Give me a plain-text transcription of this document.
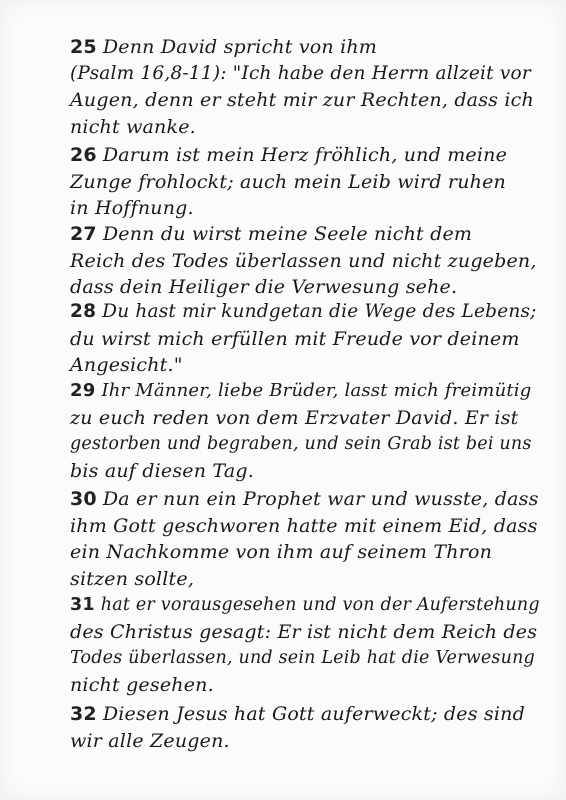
25 Denn David spricht von ihm
(Psalm 16,8-11): "Ich habe den Herrn allzeit vor
Augen, denn er steht mir zur Rechten, dass ich
nicht wanke.
26 Darum ist mein Herz fröhlich, und meine
Zunge frohlockt; auch mein Leib wird ruhen
in Hoffnung.
27 Denn du wirst meine Seele nicht dem
Reich des Todes überlassen und nicht zugeben,
dass dein Heiliger die Verwesung sehe.
28 Du hast mir kundgetan die Wege des Lebens;
du wirst mich erfüllen mit Freude vor deinem
Angesicht."
29 Ihr Männer, liebe Brüder, lasst mich freimütig
zu euch reden von dem Erzvater David. Er ist
gestorben und begraben, und sein Grab ist bei uns
bis auf diesen Tag.
30 Da er nun ein Prophet war und wusste, dass
ihm Gott geschworen hatte mit einem Eid, dass
ein Nachkomme von ihm auf seinem Thron
sitzen sollte,
31 hat er vorausgesehen und von der Auferstehung
des Christus gesagt: Er ist nicht dem Reich des
Todes überlassen, und sein Leib hat die Verwesung
nicht gesehen.
32 Diesen Jesus hat Gott auferweckt; des sind
wir alle Zeugen.
